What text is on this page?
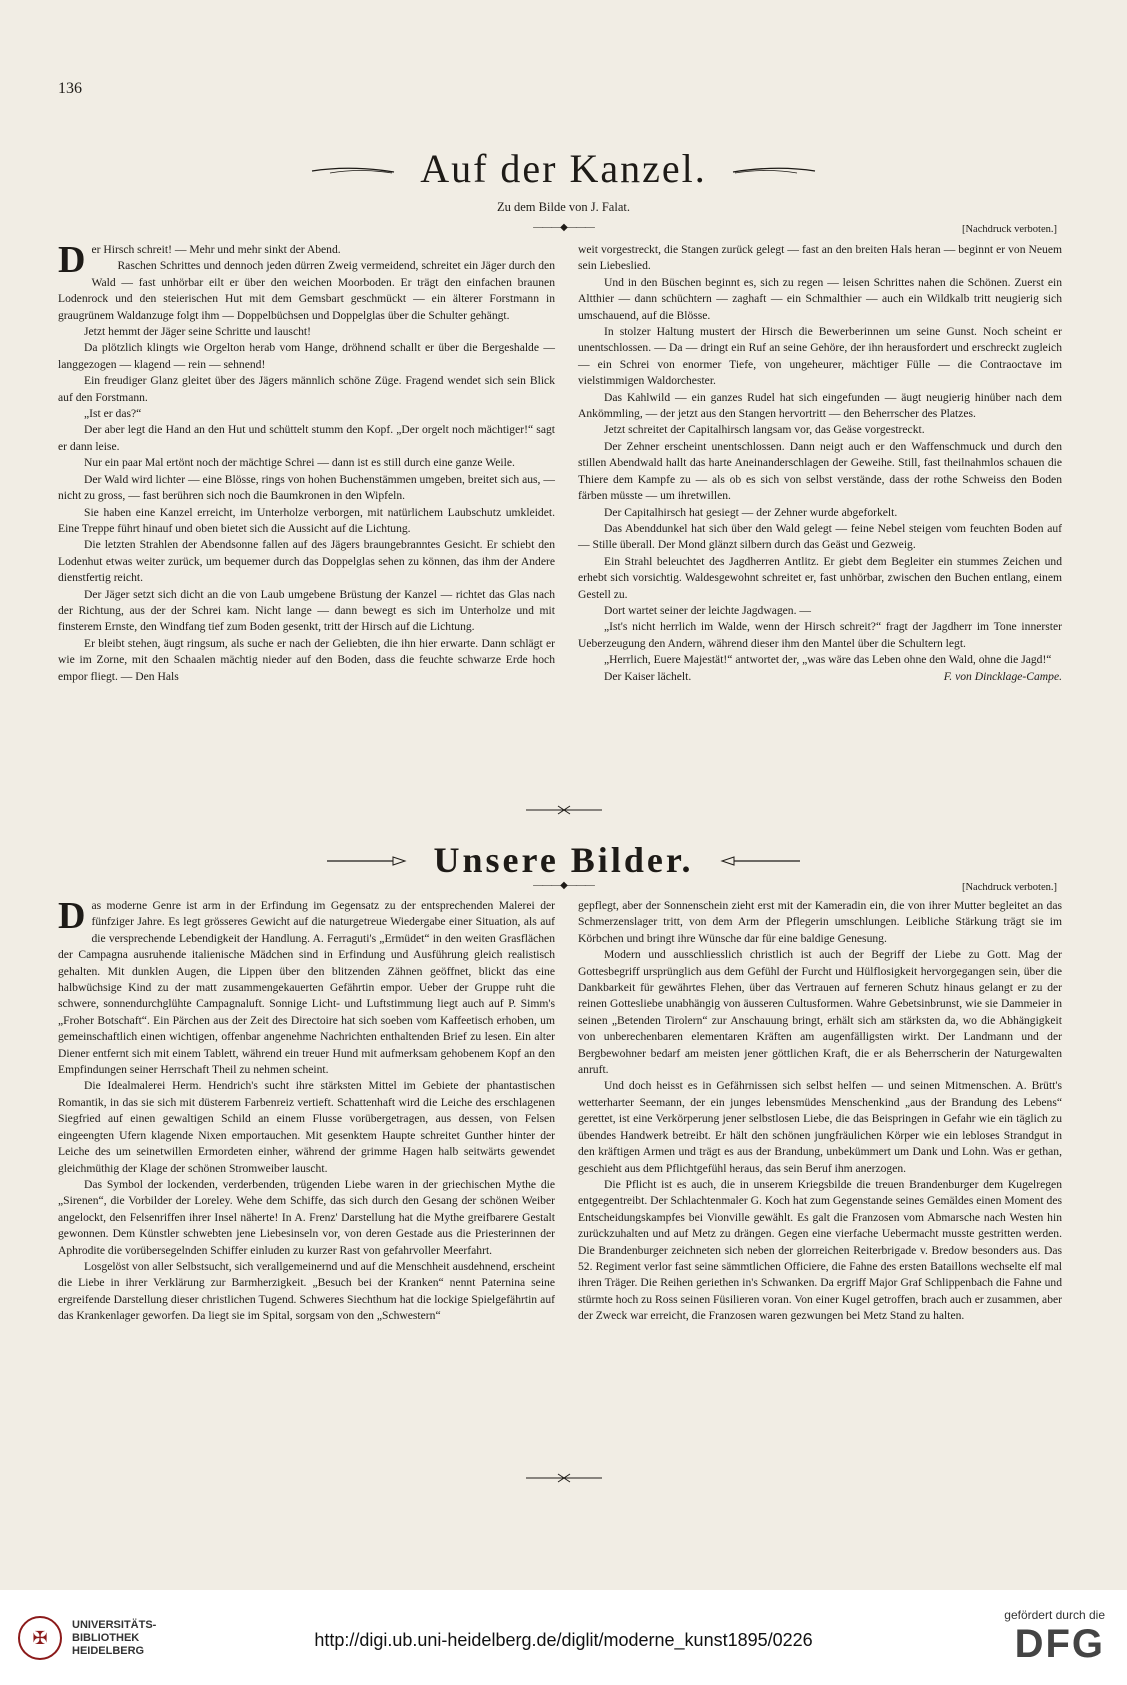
136
Auf der Kanzel.
Zu dem Bilde von J. Falat.
———◆———	[Nachdruck verboten.]

Der Hirsch schreit! — Mehr und mehr sinkt der Abend.

Raschen Schrittes und dennoch jeden dürren Zweig vermeidend, schreitet ein Jäger durch den Wald — fast unhörbar eilt er über den weichen Moorboden. Er trägt den einfachen braunen Lodenrock und den steierischen Hut mit dem Gemsbart geschmückt — ein älterer Forstmann in graugrünem Waldanzuge folgt ihm — Doppelbüchsen und Doppelglas über die Schulter gehängt.

Jetzt hemmt der Jäger seine Schritte und lauscht!

Da plötzlich klingts wie Orgelton herab vom Hange, dröhnend schallt er über die Bergeshalde — langgezogen — klagend — rein — sehnend!

Ein freudiger Glanz gleitet über des Jägers männlich schöne Züge. Fragend wendet sich sein Blick auf den Forstmann.

„Ist er das?“

Der aber legt die Hand an den Hut und schüttelt stumm den Kopf. „Der orgelt noch mächtiger!“ sagt er dann leise.

Nur ein paar Mal ertönt noch der mächtige Schrei — dann ist es still durch eine ganze Weile.

Der Wald wird lichter — eine Blösse, rings von hohen Buchenstämmen umgeben, breitet sich aus, — nicht zu gross, — fast berühren sich noch die Baumkronen in den Wipfeln.

Sie haben eine Kanzel erreicht, im Unterholze verborgen, mit natürlichem Laubschutz umkleidet. Eine Treppe führt hinauf und oben bietet sich die Aussicht auf die Lichtung.

Die letzten Strahlen der Abendsonne fallen auf des Jägers braungebranntes Gesicht. Er schiebt den Lodenhut etwas weiter zurück, um bequemer durch das Doppelglas sehen zu können, das ihm der Andere dienstfertig reicht.

Der Jäger setzt sich dicht an die von Laub umgebene Brüstung der Kanzel — richtet das Glas nach der Richtung, aus der der Schrei kam. Nicht lange — dann bewegt es sich im Unterholze und mit finsterem Ernste, den Windfang tief zum Boden gesenkt, tritt der Hirsch auf die Lichtung.

Er bleibt stehen, äugt ringsum, als suche er nach der Geliebten, die ihn hier erwarte. Dann schlägt er wie im Zorne, mit den Schaalen mächtig nieder auf den Boden, dass die feuchte schwarze Erde hoch empor fliegt. — Den Hals

weit vorgestreckt, die Stangen zurück gelegt — fast an den breiten Hals heran — beginnt er von Neuem sein Liebeslied.

Und in den Büschen beginnt es, sich zu regen — leisen Schrittes nahen die Schönen. Zuerst ein Altthier — dann schüchtern — zaghaft — ein Schmalthier — auch ein Wildkalb tritt neugierig sich umschauend, auf die Blösse.

In stolzer Haltung mustert der Hirsch die Bewerberinnen um seine Gunst. Noch scheint er unentschlossen. — Da — dringt ein Ruf an seine Gehöre, der ihn herausfordert und erschreckt zugleich — ein Schrei von enormer Tiefe, von ungeheurer, mächtiger Fülle — die Contraoctave im vielstimmigen Waldorchester.

Das Kahlwild — ein ganzes Rudel hat sich eingefunden — äugt neugierig hinüber nach dem Ankömmling, — der jetzt aus den Stangen hervortritt — den Beherrscher des Platzes.

Jetzt schreitet der Capitalhirsch langsam vor, das Geäse vorgestreckt.

Der Zehner erscheint unentschlossen. Dann neigt auch er den Waffenschmuck und durch den stillen Abendwald hallt das harte Aneinanderschlagen der Geweihe. Still, fast theilnahmlos schauen die Thiere dem Kampfe zu — als ob es sich von selbst verstände, dass der rothe Schweiss den Boden färben müsste — um ihretwillen.

Der Capitalhirsch hat gesiegt — der Zehner wurde abgeforkelt.

Das Abenddunkel hat sich über den Wald gelegt — feine Nebel steigen vom feuchten Boden auf — Stille überall. Der Mond glänzt silbern durch das Geäst und Gezweig.

Ein Strahl beleuchtet des Jagdherren Antlitz. Er giebt dem Begleiter ein stummes Zeichen und erhebt sich vorsichtig. Waldesgewohnt schreitet er, fast unhörbar, zwischen den Buchen entlang, einem Gestell zu.

Dort wartet seiner der leichte Jagdwagen. —

„Ist's nicht herrlich im Walde, wenn der Hirsch schreit?“ fragt der Jagdherr im Tone innerster Ueberzeugung den Andern, während dieser ihm den Mantel über die Schultern legt.

„Herrlich, Euere Majestät!“ antwortet der, „was wäre das Leben ohne den Wald, ohne die Jagd!“

Der Kaiser lächelt.	F. von Dincklage-Campe.

Unsere Bilder.
———◆———	[Nachdruck verboten.]

Das moderne Genre ist arm in der Erfindung im Gegensatz zu der entsprechenden Malerei der fünfziger Jahre. Es legt grösseres Gewicht auf die naturgetreue Wiedergabe einer Situation, als auf die versprechende Lebendigkeit der Handlung. A. Ferraguti's „Ermüdet“ in den weiten Grasflächen der Campagna ausruhende italienische Mädchen sind in Erfindung und Ausführung gleich realistisch gehalten. Mit dunklen Augen, die Lippen über den blitzenden Zähnen geöffnet, blickt das eine halbwüchsige Kind zu der matt zusammengekauerten Gefährtin empor. Ueber der Gruppe ruht die schwere, sonnendurchglühte Campagnaluft. Sonnige Licht- und Luftstimmung liegt auch auf P. Simm's „Froher Botschaft“. Ein Pärchen aus der Zeit des Directoire hat sich soeben vom Kaffeetisch erhoben, um gemeinschaftlich einen wichtigen, offenbar angenehme Nachrichten enthaltenden Brief zu lesen. Ein alter Diener entfernt sich mit einem Tablett, während ein treuer Hund mit aufmerksam gehobenem Kopf an den Empfindungen seiner Herrschaft Theil zu nehmen scheint.

Die Idealmalerei Herm. Hendrich's sucht ihre stärksten Mittel im Gebiete der phantastischen Romantik, in das sie sich mit düsterem Farbenreiz vertieft. Schattenhaft wird die Leiche des erschlagenen Siegfried auf einen gewaltigen Schild an einem Flusse vorübergetragen, aus dessen, von Felsen eingeengten Ufern klagende Nixen emportauchen. Mit gesenktem Haupte schreitet Gunther hinter der Leiche des um seinetwillen Ermordeten einher, während der grimme Hagen halb seitwärts gewendet gleichmüthig der Klage der schönen Stromweiber lauscht.

Das Symbol der lockenden, verderbenden, trügenden Liebe waren in der griechischen Mythe die „Sirenen“, die Vorbilder der Loreley. Wehe dem Schiffe, das sich durch den Gesang der schönen Weiber angelockt, den Felsenriffen ihrer Insel näherte! In A. Frenz' Darstellung hat die Mythe greifbarere Gestalt gewonnen. Dem Künstler schwebten jene Liebesinseln vor, von deren Gestade aus die Priesterinnen der Aphrodite die vorübersegelnden Schiffer einluden zu kurzer Rast von gefahrvoller Meerfahrt.

Losgelöst von aller Selbstsucht, sich verallgemeinernd und auf die Menschheit ausdehnend, erscheint die Liebe in ihrer Verklärung zur Barmherzigkeit. „Besuch bei der Kranken“ nennt Paternina seine ergreifende Darstellung dieser christlichen Tugend. Schweres Siechthum hat die lockige Spielgefährtin auf das Krankenlager geworfen. Da liegt sie im Spital, sorgsam von den „Schwestern“

gepflegt, aber der Sonnenschein zieht erst mit der Kameradin ein, die von ihrer Mutter begleitet an das Schmerzenslager tritt, von dem Arm der Pflegerin umschlungen. Leibliche Stärkung trägt sie im Körbchen und bringt ihre Wünsche dar für eine baldige Genesung.

Modern und ausschliesslich christlich ist auch der Begriff der Liebe zu Gott. Mag der Gottesbegriff ursprünglich aus dem Gefühl der Furcht und Hülflosigkeit hervorgegangen sein, über die Dankbarkeit für gewährtes Flehen, über das Vertrauen auf ferneren Schutz hinaus gelangt er zu der reinen Gottesliebe unabhängig von äusseren Cultusformen. Wahre Gebetsinbrunst, wie sie Dammeier in seinen „Betenden Tirolern“ zur Anschauung bringt, erhält sich am stärksten da, wo die Abhängigkeit von unberechenbaren elementaren Kräften am augenfälligsten wirkt. Der Landmann und der Bergbewohner bedarf am meisten jener göttlichen Kraft, die er als Beherrscherin der Naturgewalten anruft.

Und doch heisst es in Gefährnissen sich selbst helfen — und seinen Mitmenschen. A. Brütt's wetterharter Seemann, der ein junges lebensmüdes Menschenkind „aus der Brandung des Lebens“ gerettet, ist eine Verkörperung jener selbstlosen Liebe, die das Beispringen in Gefahr wie ein täglich zu übendes Handwerk betreibt. Er hält den schönen jungfräulichen Körper wie ein lebloses Strandgut in den kräftigen Armen und trägt es aus der Brandung, unbekümmert um Dank und Lohn. Was er gethan, geschieht aus dem Pflichtgefühl heraus, das sein Beruf ihm anerzogen.

Die Pflicht ist es auch, die in unserem Kriegsbilde die treuen Brandenburger dem Kugelregen entgegentreibt. Der Schlachtenmaler G. Koch hat zum Gegenstande seines Gemäldes einen Moment des Entscheidungskampfes bei Vionville gewählt. Es galt die Franzosen vom Abmarsche nach Westen hin zurückzuhalten und auf Metz zu drängen. Gegen eine vierfache Uebermacht musste gestritten werden. Die Brandenburger zeichneten sich neben der glorreichen Reiterbrigade v. Bredow besonders aus. Das 52. Regiment verlor fast seine sämmtlichen Officiere, die Fahne des ersten Bataillons wechselte elf mal ihren Träger. Die Reihen geriethen in's Schwanken. Da ergriff Major Graf Schlippenbach die Fahne und stürmte hoch zu Ross seinen Füsilieren voran. Von einer Kugel getroffen, brach auch er zusammen, aber der Zweck war erreicht, die Franzosen waren gezwungen bei Metz Stand zu halten.

✠
UNIVERSITÄTS-
BIBLIOTHEK
HEIDELBERG
http://digi.ub.uni-heidelberg.de/diglit/moderne_kunst1895/0226
gefördert durch die
DFG
